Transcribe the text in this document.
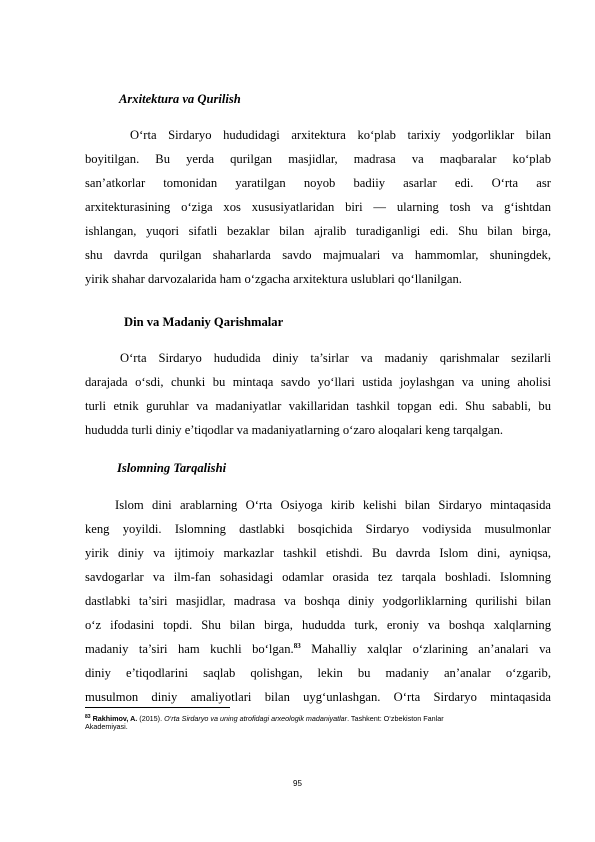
Arxitektura va Qurilish
O‘rta Sirdaryo hududidagi arxitektura ko‘plab tarixiy yodgorliklar bilan
boyitilgan. Bu yerda qurilgan masjidlar, madrasa va maqbaralar ko‘plab
san’atkorlar tomonidan yaratilgan noyob badiiy asarlar edi. O‘rta asr
arxitekturasining o‘ziga xos xususiyatlaridan biri — ularning tosh va g‘ishtdan
ishlangan, yuqori sifatli bezaklar bilan ajralib turadiganligi edi. Shu bilan birga,
shu davrda qurilgan shaharlarda savdo majmualari va hammomlar, shuningdek,
yirik shahar darvozalarida ham o‘zgacha arxitektura uslublari qo‘llanilgan.
Din va Madaniy Qarishmalar
O‘rta Sirdaryo hududida diniy ta’sirlar va madaniy qarishmalar sezilarli
darajada o‘sdi, chunki bu mintaqa savdo yo‘llari ustida joylashgan va uning aholisi
turli etnik guruhlar va madaniyatlar vakillaridan tashkil topgan edi. Shu sababli, bu
hududda turli diniy e’tiqodlar va madaniyatlarning o‘zaro aloqalari keng tarqalgan.
Islomning Tarqalishi
Islom dini arablarning O‘rta Osiyoga kirib kelishi bilan Sirdaryo mintaqasida
keng yoyildi. Islomning dastlabki bosqichida Sirdaryo vodiysida musulmonlar
yirik diniy va ijtimoiy markazlar tashkil etishdi. Bu davrda Islom dini, ayniqsa,
savdogarlar va ilm-fan sohasidagi odamlar orasida tez tarqala boshladi. Islomning
dastlabki ta’siri masjidlar, madrasa va boshqa diniy yodgorliklarning qurilishi bilan
o‘z ifodasini topdi. Shu bilan birga, hududda turk, eroniy va boshqa xalqlarning
madaniy ta’siri ham kuchli bo‘lgan.$^{83}$ Mahalliy xalqlar o‘zlarining an’analari va
diniy e’tiqodlarini saqlab qolishgan, lekin bu madaniy an’analar o‘zgarib,
musulmon diniy amaliyotlari bilan uyg‘unlashgan. O‘rta Sirdaryo mintaqasida
$^{83}$ Rakhimov, A. (2015). O‘rta Sirdaryo va uning atrofidagi arxeologik madaniyatlar. Tashkent: O‘zbekiston Fanlar
Akademiyasi.
95
